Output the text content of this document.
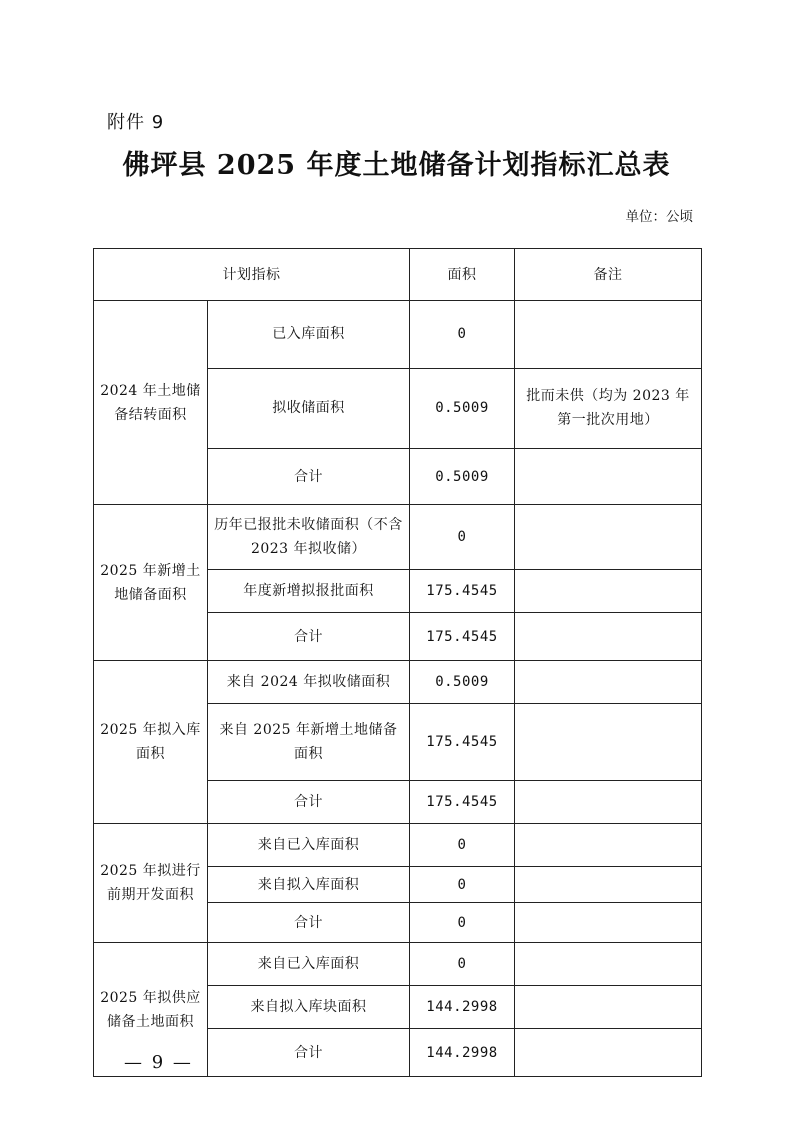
附件 9
佛坪县 2025 年度土地储备计划指标汇总表
单位：公顷
计划指标		面积	备注
2024 年土地储备结转面积	已入库面积	0	
	拟收储面积	0.5009	批而未供（均为 2023 年第一批次用地）
	合计	0.5009	
2025 年新增土地储备面积	历年已报批未收储面积（不含 2023 年拟收储）	0	
	年度新增拟报批面积	175.4545	
	合计	175.4545	
2025 年拟入库面积	来自 2024 年拟收储面积	0.5009	
	来自 2025 年新增土地储备面积	175.4545	
	合计	175.4545	
2025 年拟进行前期开发面积	来自已入库面积	0	
	来自拟入库面积	0	
	合计	0	
2025 年拟供应储备土地面积	来自已入库面积	0	
	来自拟入库块面积	144.2998	
	合计	144.2998	
— 9 —
